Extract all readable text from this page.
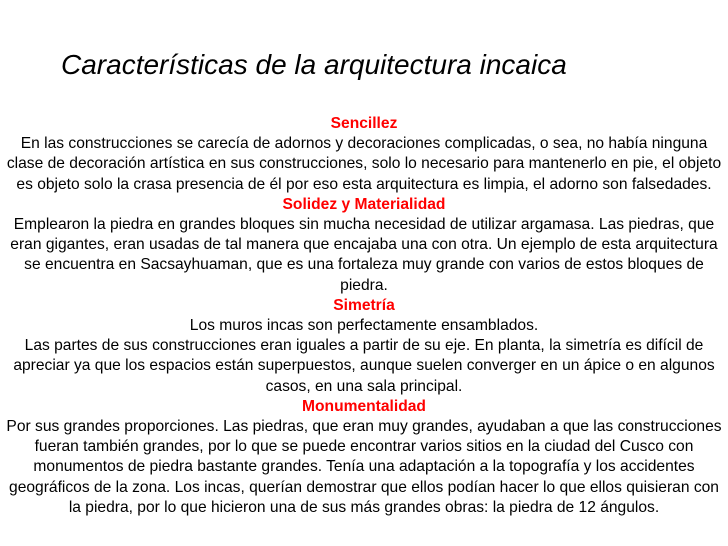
Características de la arquitectura incaica

Sencillez

En las construcciones se carecía de adornos y decoraciones complicadas, o sea, no había ninguna clase de decoración artística en sus construcciones, solo lo necesario para mantenerlo en pie, el objeto es objeto solo la crasa presencia de él por eso esta arquitectura es limpia, el adorno son falsedades.

Solidez y Materialidad

Emplearon la piedra en grandes bloques sin mucha necesidad de utilizar argamasa. Las piedras, que eran gigantes, eran usadas de tal manera que encajaba una con otra. Un ejemplo de esta arquitectura se encuentra en Sacsayhuaman, que es una fortaleza muy grande con varios de estos bloques de piedra.

Simetría

Los muros incas son perfectamente ensamblados.

Las partes de sus construcciones eran iguales a partir de su eje. En planta, la simetría es difícil de apreciar ya que los espacios están superpuestos, aunque suelen converger en un ápice o en algunos casos, en una sala principal.

Monumentalidad

Por sus grandes proporciones. Las piedras, que eran muy grandes, ayudaban a que las construcciones fueran también grandes, por lo que se puede encontrar varios sitios en la ciudad del Cusco con monumentos de piedra bastante grandes. Tenía una adaptación a la topografía y los accidentes geográficos de la zona. Los incas, querían demostrar que ellos podían hacer lo que ellos quisieran con la piedra, por lo que hicieron una de sus más grandes obras: la piedra de 12 ángulos.
